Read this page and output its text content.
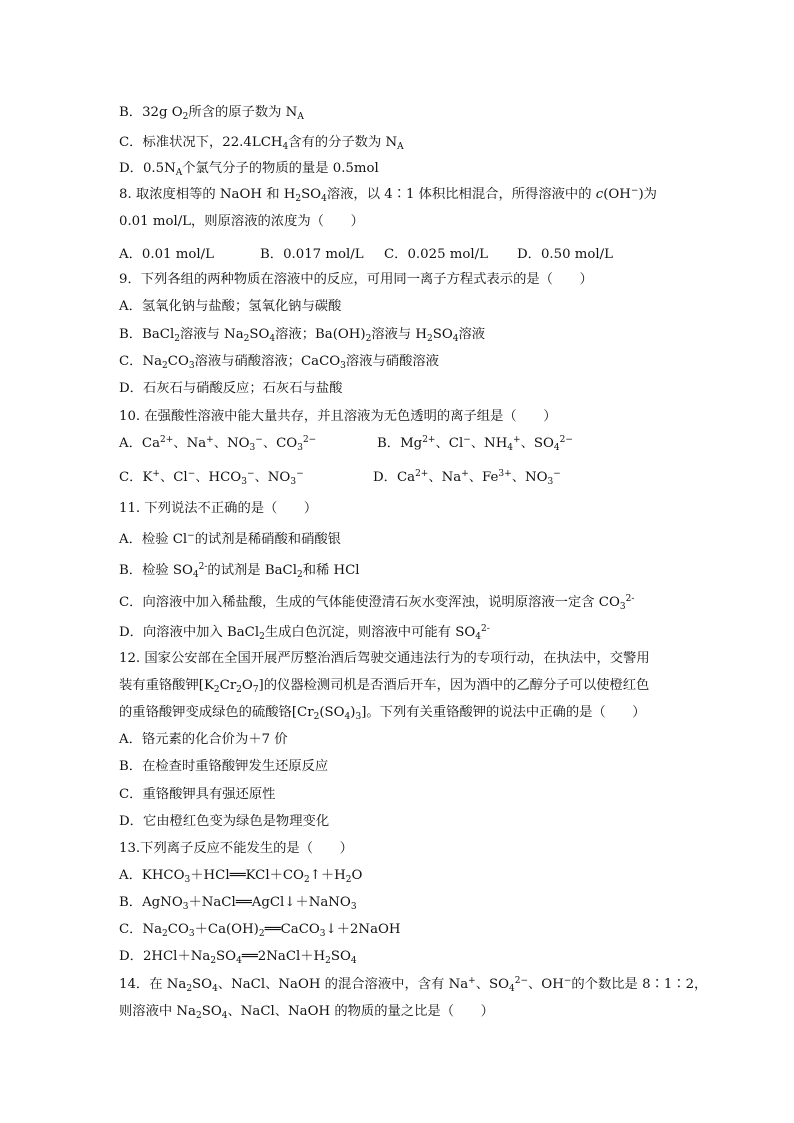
B．32g $O_2$所含的原子数为 $N_A$
C．标准状况下，$22.4LCH_4$含有的分子数为 $N_A$
D．$0.5N_A$个氯气分子的物质的量是 0.5mol
8. 取浓度相等的 NaOH 和 $H_2SO_4$溶液，以 4∶1 体积比相混合，所得溶液中的 c(OH−)为
0.01 mol/L，则原溶液的浓度为（　　）
A．0.01 mol/L	B．0.017 mol/L C．0.025 mol/L D．0.50 mol/L
9．下列各组的两种物质在溶液中的反应，可用同一离子方程式表示的是（　　）
A．氢氧化钠与盐酸；氢氧化钠与碳酸
B．BaCl$_2$溶液与 $Na_2SO_4$溶液；$Ba(OH)_2$溶液与 $H_2SO_4$溶液
C．$Na_2CO_3$溶液与硝酸溶液；CaCO$_3$溶液与硝酸溶液
D．石灰石与硝酸反应；石灰石与盐酸
10. 在强酸性溶液中能大量共存，并且溶液为无色透明的离子组是（　　）
A．$Ca^{2+}$、Na+、$NO_3^-$、$CO_3^{2-}$	B．$Mg^{2+}$、Cl−、$NH_4^+$、$SO_4^{2-}$
C．K+、Cl−、$HCO_3^-$、$NO_3^-$	D．$Ca^{2+}$、Na+、$Fe^{3+}$、$NO_3^-$
11. 下列说法不正确的是（　　）
A．检验 Cl−的试剂是稀硝酸和硝酸银
B．检验 $SO_4^{2-}$的试剂是 BaCl$_2$和稀 HCl
C．向溶液中加入稀盐酸，生成的气体能使澄清石灰水变浑浊，说明原溶液一定含 $CO_3^{2-}$
D．向溶液中加入 BaCl$_2$生成白色沉淀，则溶液中可能有 $SO_4^{2-}$
12. 国家公安部在全国开展严厉整治酒后驾驶交通违法行为的专项行动，在执法中，交警用
装有重铬酸钾$[K_2Cr_2O_7]$的仪器检测司机是否酒后开车，因为酒中的乙醇分子可以使橙红色
的重铬酸钾变成绿色的硫酸铬$[Cr_2(SO_4)_3]$。下列有关重铬酸钾的说法中正确的是（　　）
A．铬元素的化合价为＋7 价
B．在检查时重铬酸钾发生还原反应
C．重铬酸钾具有强还原性
D．它由橙红色变为绿色是物理变化
13.下列离子反应不能发生的是（　　）
A．$KHCO_3+HCl══KCl+CO_2↑+H_2O$
B．AgNO$_3$＋NaCl══AgCl↓＋NaNO$_3$
C．$Na_2CO_3+Ca(OH)_2══CaCO_3↓+2NaOH$
D．$2HCl+Na_2SO_4══2NaCl+H_2SO_4$
14．在 $Na_2SO_4$、NaCl、NaOH 的混合溶液中，含有 Na+、$SO_4^{2-}$、OH−的个数比是 8∶1∶2，
则溶液中 $Na_2SO_4$、NaCl、NaOH 的物质的量之比是（　　）
